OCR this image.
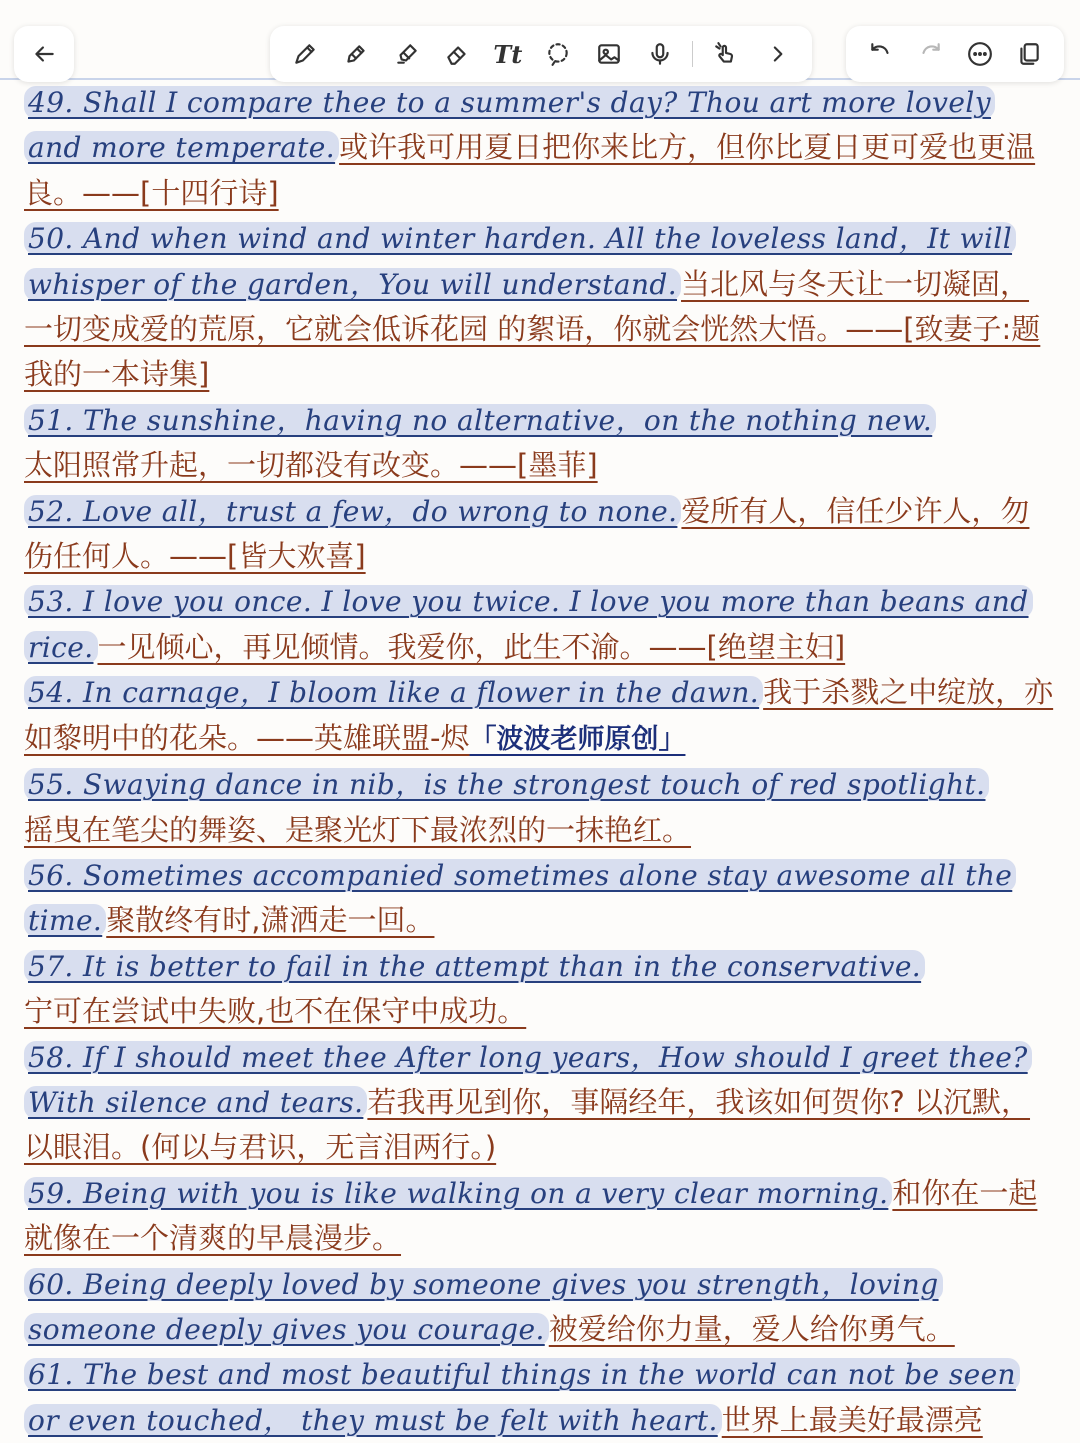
Tt
49. Shall I compare thee to a summer's day? Thou art more lovely and more temperate. 或许我可用夏日把你来比方，但你比夏日更可爱也更温良。——[十四行诗]
50. And when wind and winter harden. All the loveless land，It will whisper of the garden，You will understand. 当北风与冬天让一切凝固，一切变成爱的荒原，它就会低诉花园 的絮语，你就会恍然大悟。——[致妻子:题我的一本诗集]
51. The sunshine，having no alternative，on the nothing new.
太阳照常升起，一切都没有改变。——[墨菲]
52. Love all，trust a few，do wrong to none. 爱所有人，信任少许人，勿伤任何人。——[皆大欢喜]
53. I love you once. I love you twice. I love you more than beans and rice. 一见倾心，再见倾情。我爱你，此生不渝。——[绝望主妇]
54. In carnage，I bloom like a flower in the dawn. 我于杀戮之中绽放，亦如黎明中的花朵。——英雄联盟-烬「波波老师原创」
55. Swaying dance in nib，is the strongest touch of red spotlight.
摇曳在笔尖的舞姿、是聚光灯下最浓烈的一抹艳红。
56. Sometimes accompanied sometimes alone stay awesome all the time. 聚散终有时,潇洒走一回。
57. It is better to fail in the attempt than in the conservative.
宁可在尝试中失败,也不在保守中成功。
58. If I should meet thee After long years，How should I greet thee? With silence and tears. 若我再见到你，事隔经年，我该如何贺你? 以沉默，以眼泪。(何以与君识，无言泪两行。)
59. Being with you is like walking on a very clear morning. 和你在一起就像在一个清爽的早晨漫步。
60. Being deeply loved by someone gives you strength，loving someone deeply gives you courage. 被爱给你力量，爱人给你勇气。
61. The best and most beautiful things in the world can not be seen or even touched， they must be felt with heart. 世界上最美好最漂亮
